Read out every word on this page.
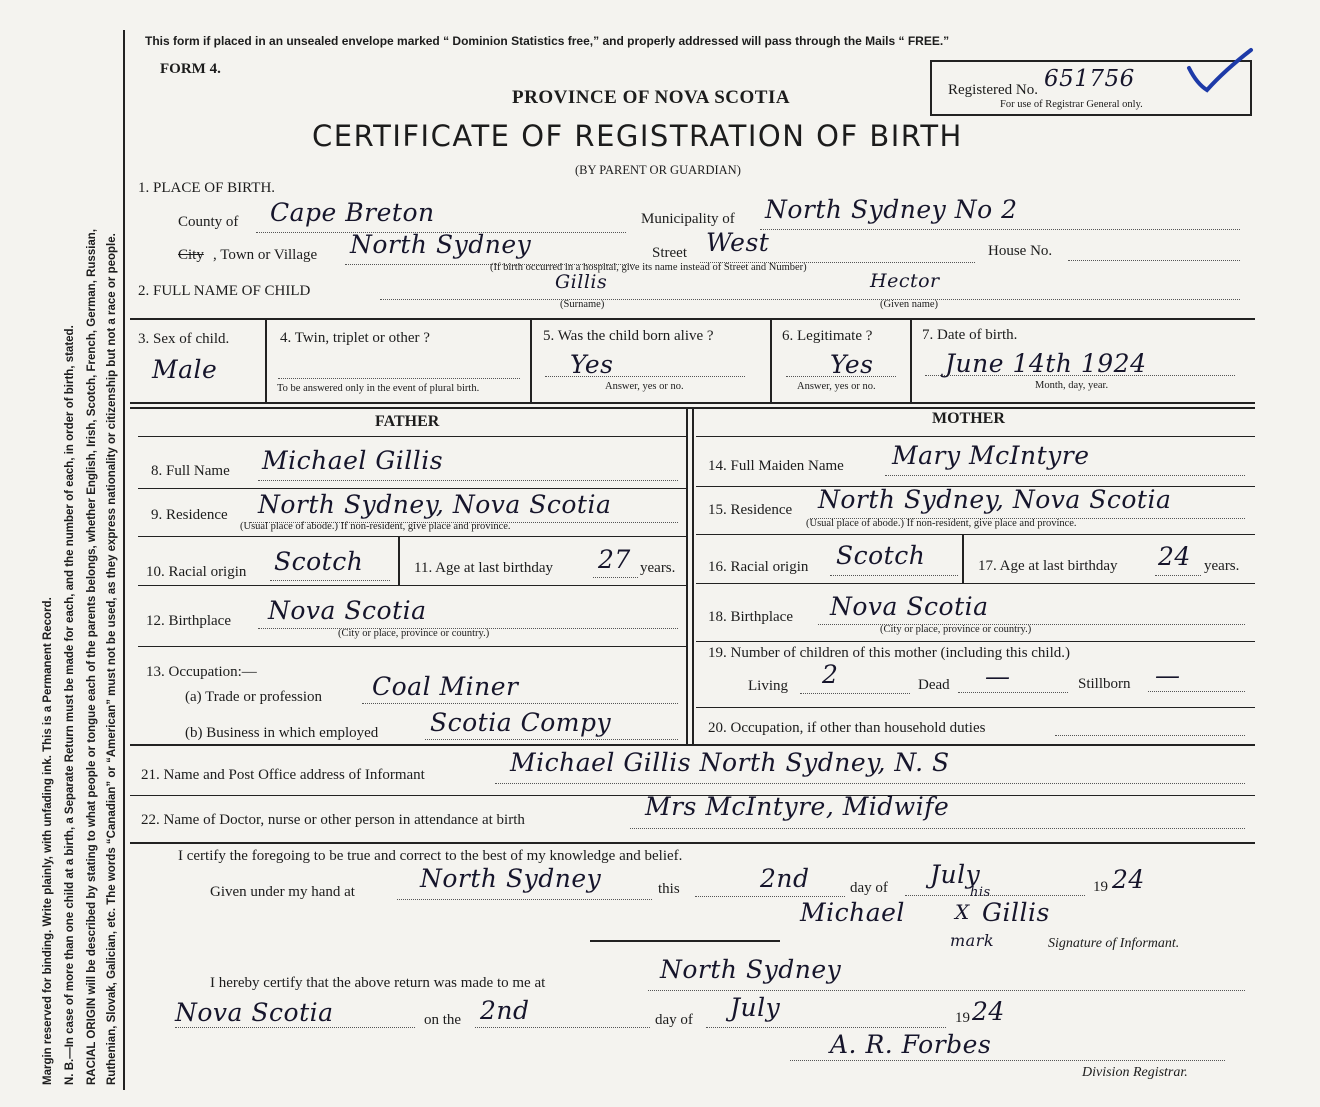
Margin reserved for binding. Write plainly, with unfading ink. This is a Permanent Record. N. B.—In case of more than one child at a birth, a Separate Return must be made for each, and the number of each, in order of birth, stated. RACIAL ORIGIN will be described by stating to what people or tongue each of the parents belongs, whether English, Irish, Scotch, French, German, Russian, Ruthenian, Slovak, Galician, etc. The words “Canadian” or “American” must not be used, as they express nationality or citizenship but not a race or people.
This form if placed in an unsealed envelope marked “ Dominion Statistics free,” and properly addressed will pass through the Mails “ FREE.”
FORM 4.
PROVINCE OF NOVA SCOTIA
CERTIFICATE OF REGISTRATION OF BIRTH
(BY PARENT OR GUARDIAN)
Registered No. 651756
For use of Registrar General only.
1. PLACE OF BIRTH.
County of Cape Breton	Municipality of North Sydney No 2
City , Town or Village North Sydney	Street West	House No.
(If birth occurred in a hospital, give its name instead of Street and Number)
2. FULL NAME OF CHILD	Gillis
(Surname)
Hector
(Given name)
3. Sex of child.
Male
4. Twin, triplet or other ?
To be answered only in the event of plural birth.
5. Was the child born alive ?
Yes
Answer, yes or no.
6. Legitimate ?
Yes
Answer, yes or no.
7. Date of birth.
June 14th 1924
Month, day, year.
FATHER	MOTHER
8. Full Name Michael Gillis
9. Residence North Sydney, Nova Scotia
(Usual place of abode.) If non-resident, give place and province.
10. Racial origin Scotch	11. Age at last birthday 27 years.
12. Birthplace Nova Scotia
(City or place, province or country.)
13. Occupation:—
(a) Trade or profession Coal Miner
(b) Business in which employed Scotia Compy
14. Full Maiden Name Mary McIntyre
15. Residence North Sydney, Nova Scotia
(Usual place of abode.) If non-resident, give place and province.
16. Racial origin Scotch	17. Age at last birthday 24 years.
18. Birthplace Nova Scotia
(City or place, province or country.)
19. Number of children of this mother (including this child.)
Living 2	Dead —	Stillborn —
20. Occupation, if other than household duties
21. Name and Post Office address of Informant	Michael Gillis North Sydney, N. S
22. Name of Doctor, nurse or other person in attendance at birth	Mrs McIntyre, Midwife
I certify the foregoing to be true and correct to the best of my knowledge and belief.
Given under my hand at	North Sydney	this	2nd	day of July	19 24
Michael	Gillis
his
X
mark	Signature of Informant.
I hereby certify that the above return was made to me at	North Sydney
Nova Scotia	on the 2nd	day of July	19 24
A. R. Forbes
Division Registrar.
